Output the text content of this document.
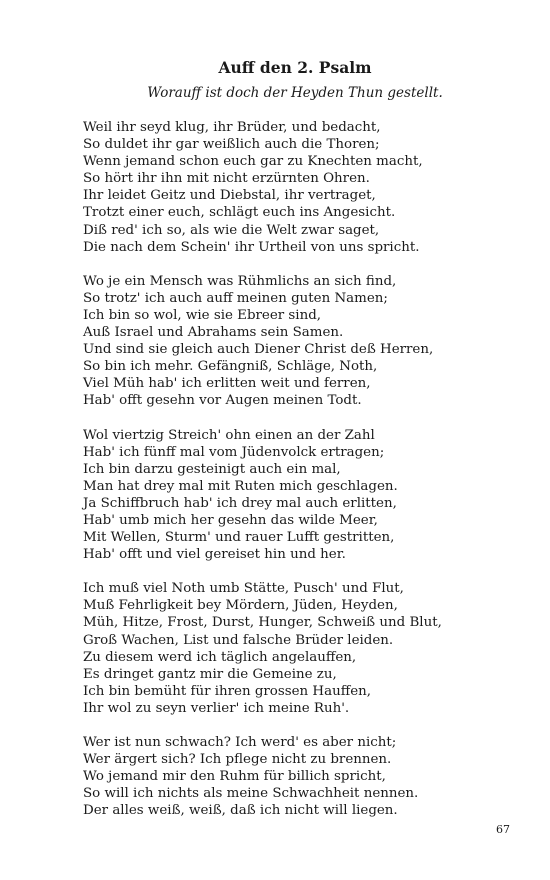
Auff den 2. Psalm

Worauff ist doch der Heyden Thun gestellt.

Weil ihr seyd klug, ihr Brüder, und bedacht,
So duldet ihr gar weißlich auch die Thoren;
Wenn jemand schon euch gar zu Knechten macht,
So hört ihr ihn mit nicht erzürnten Ohren.
Ihr leidet Geitz und Diebstal, ihr vertraget,
Trotzt einer euch, schlägt euch ins Angesicht.
Diß red' ich so, als wie die Welt zwar saget,
Die nach dem Schein' ihr Urtheil von uns spricht.
Wo je ein Mensch was Rühmlichs an sich find,
So trotz' ich auch auff meinen guten Namen;
Ich bin so wol, wie sie Ebreer sind,
Auß Israel und Abrahams sein Samen.
Und sind sie gleich auch Diener Christ deß Herren,
So bin ich mehr. Gefängniß, Schläge, Noth,
Viel Müh hab' ich erlitten weit und ferren,
Hab' offt gesehn vor Augen meinen Todt.
Wol viertzig Streich' ohn einen an der Zahl
Hab' ich fünff mal vom Jüdenvolck ertragen;
Ich bin darzu gesteinigt auch ein mal,
Man hat drey mal mit Ruten mich geschlagen.
Ja Schiffbruch hab' ich drey mal auch erlitten,
Hab' umb mich her gesehn das wilde Meer,
Mit Wellen, Sturm' und rauer Lufft gestritten,
Hab' offt und viel gereiset hin und her.
Ich muß viel Noth umb Stätte, Pusch' und Flut,
Muß Fehrligkeit bey Mördern, Jüden, Heyden,
Müh, Hitze, Frost, Durst, Hunger, Schweiß und Blut,
Groß Wachen, List und falsche Brüder leiden.
Zu diesem werd ich täglich angelauffen,
Es dringet gantz mir die Gemeine zu,
Ich bin bemüht für ihren grossen Hauffen,
Ihr wol zu seyn verlier' ich meine Ruh'.
Wer ist nun schwach? Ich werd' es aber nicht;
Wer ärgert sich? Ich pflege nicht zu brennen.
Wo jemand mir den Ruhm für billich spricht,
So will ich nichts als meine Schwachheit nennen.
Der alles weiß, weiß, daß ich nicht will liegen.
67
